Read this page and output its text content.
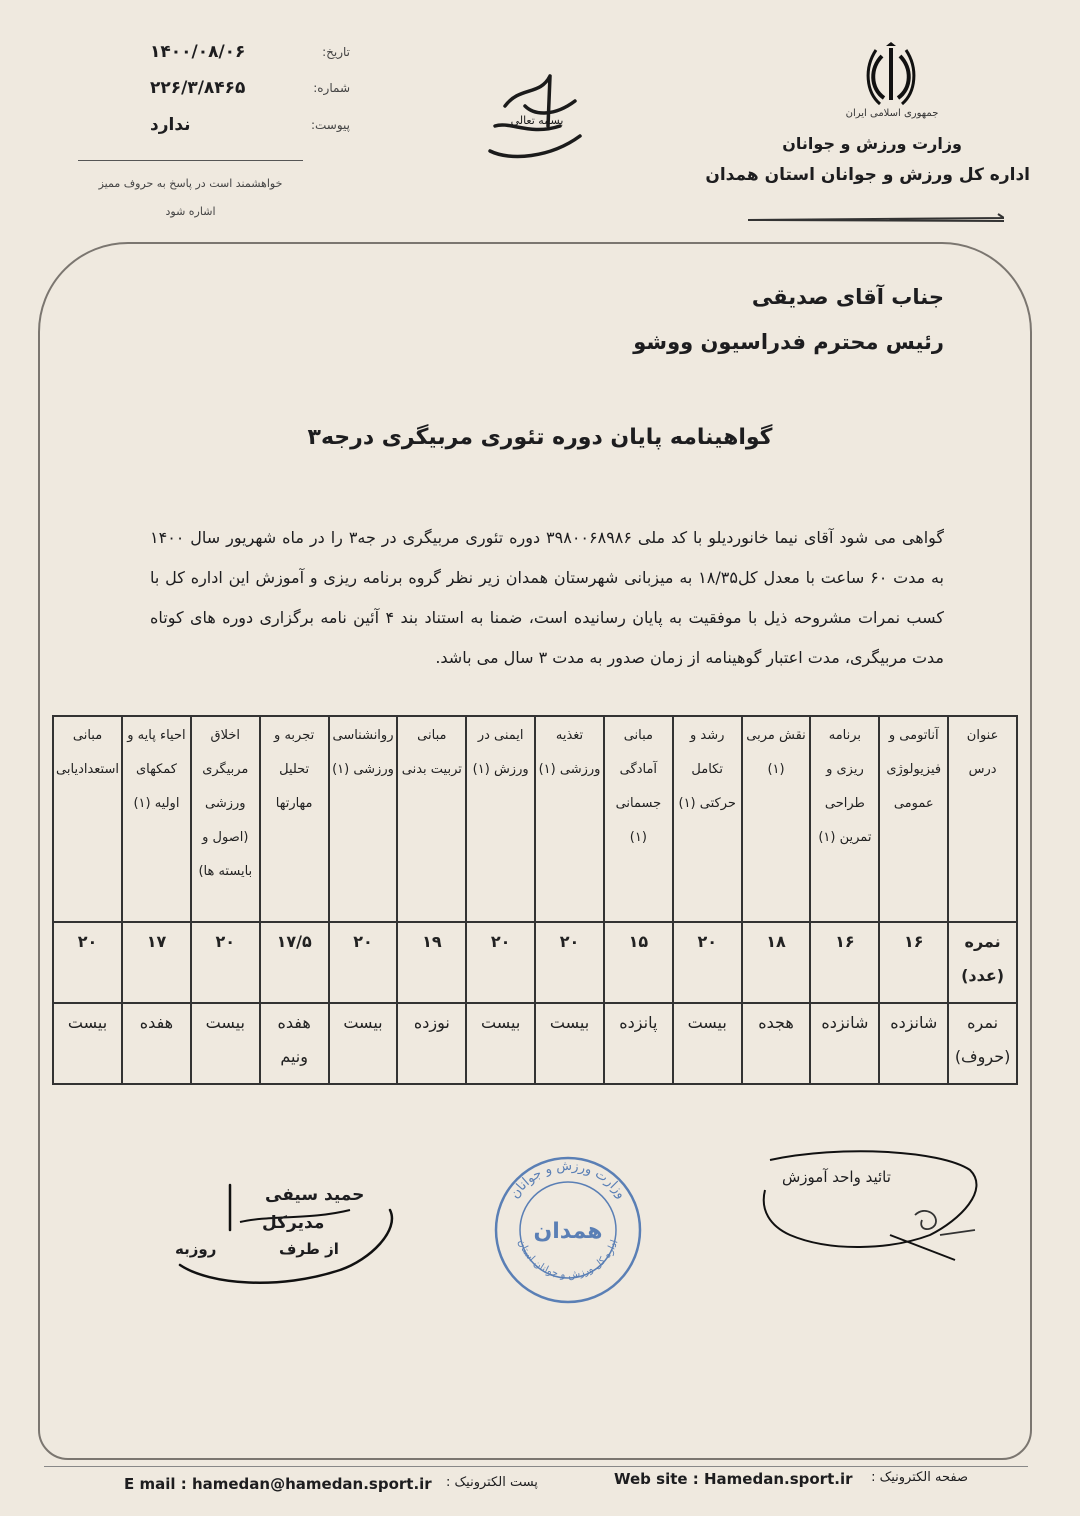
تاریخ:
۱۴۰۰/۰۸/۰۶
شماره:
۲۲۶/۳/۸۴۶۵
پیوست:
ندارد
خواهشمند است در پاسخ به حروف ممیز
اشاره شود
بسمه تعالی
جمهوری اسلامی ایران
وزارت ورزش و جوانان
اداره کل ورزش و جوانان استان همدان
جناب آقای صدیقی
رئیس محترم فدراسیون ووشو
گواهینامه پایان دوره تئوری مربیگری درجه۳
گواهی می شود آقای نیما خانوردیلو با کد ملی ۳۹۸۰۰۶۸۹۸۶ دوره تئوری مربیگری در جه۳ را در ماه شهریور سال ۱۴۰۰ به مدت ۶۰ ساعت با معدل کل۱۸/۳۵ به میزبانی شهرستان همدان زیر نظر گروه برنامه ریزی و آموزش این اداره کل با کسب نمرات مشروحه ذیل با موفقیت به پایان رسانیده است، ضمنا به استناد بند ۴ آئین نامه برگزاری دوره های کوتاه مدت مربیگری، مدت اعتبار گوهینامه از زمان صدور به مدت ۳ سال می باشد.
عنوان درس	آناتومی و فیزیولوژی عمومی	برنامه ریزی و طراحی تمرین (۱)	نقش مربی (۱)	رشد و تکامل حرکتی (۱)	مبانی آمادگی جسمانی (۱)	تغذیه ورزشی (۱)	ایمنی در ورزش (۱)	مبانی تربیت بدنی	روانشناسی ورزشی (۱)	تجربه و تحلیل مهارتها	اخلاق مربیگری ورزشی (اصول و بایسته ها)	احیاء پایه و کمکهای اولیه (۱)	مبانی استعدادیابی
نمره (عدد)	۱۶	۱۶	۱۸	۲۰	۱۵	۲۰	۲۰	۱۹	۲۰	۱۷/۵	۲۰	۱۷	۲۰
نمره (حروف)	شانزده	شانزده	هجده	بیست	پانزده	بیست	بیست	نوزده	بیست	هفده ونیم	بیست	هفده	بیست
حمید سیفی
مدیرکل
از طرف            روزبه
وزارت ورزش و جوانان
اداره کل ورزش و جوانان استان
همدان
تائید واحد آموزش
صفحه الکترونیک :
Web site : Hamedan.sport.ir
پست الکترونیک :
E mail : hamedan@hamedan.sport.ir
